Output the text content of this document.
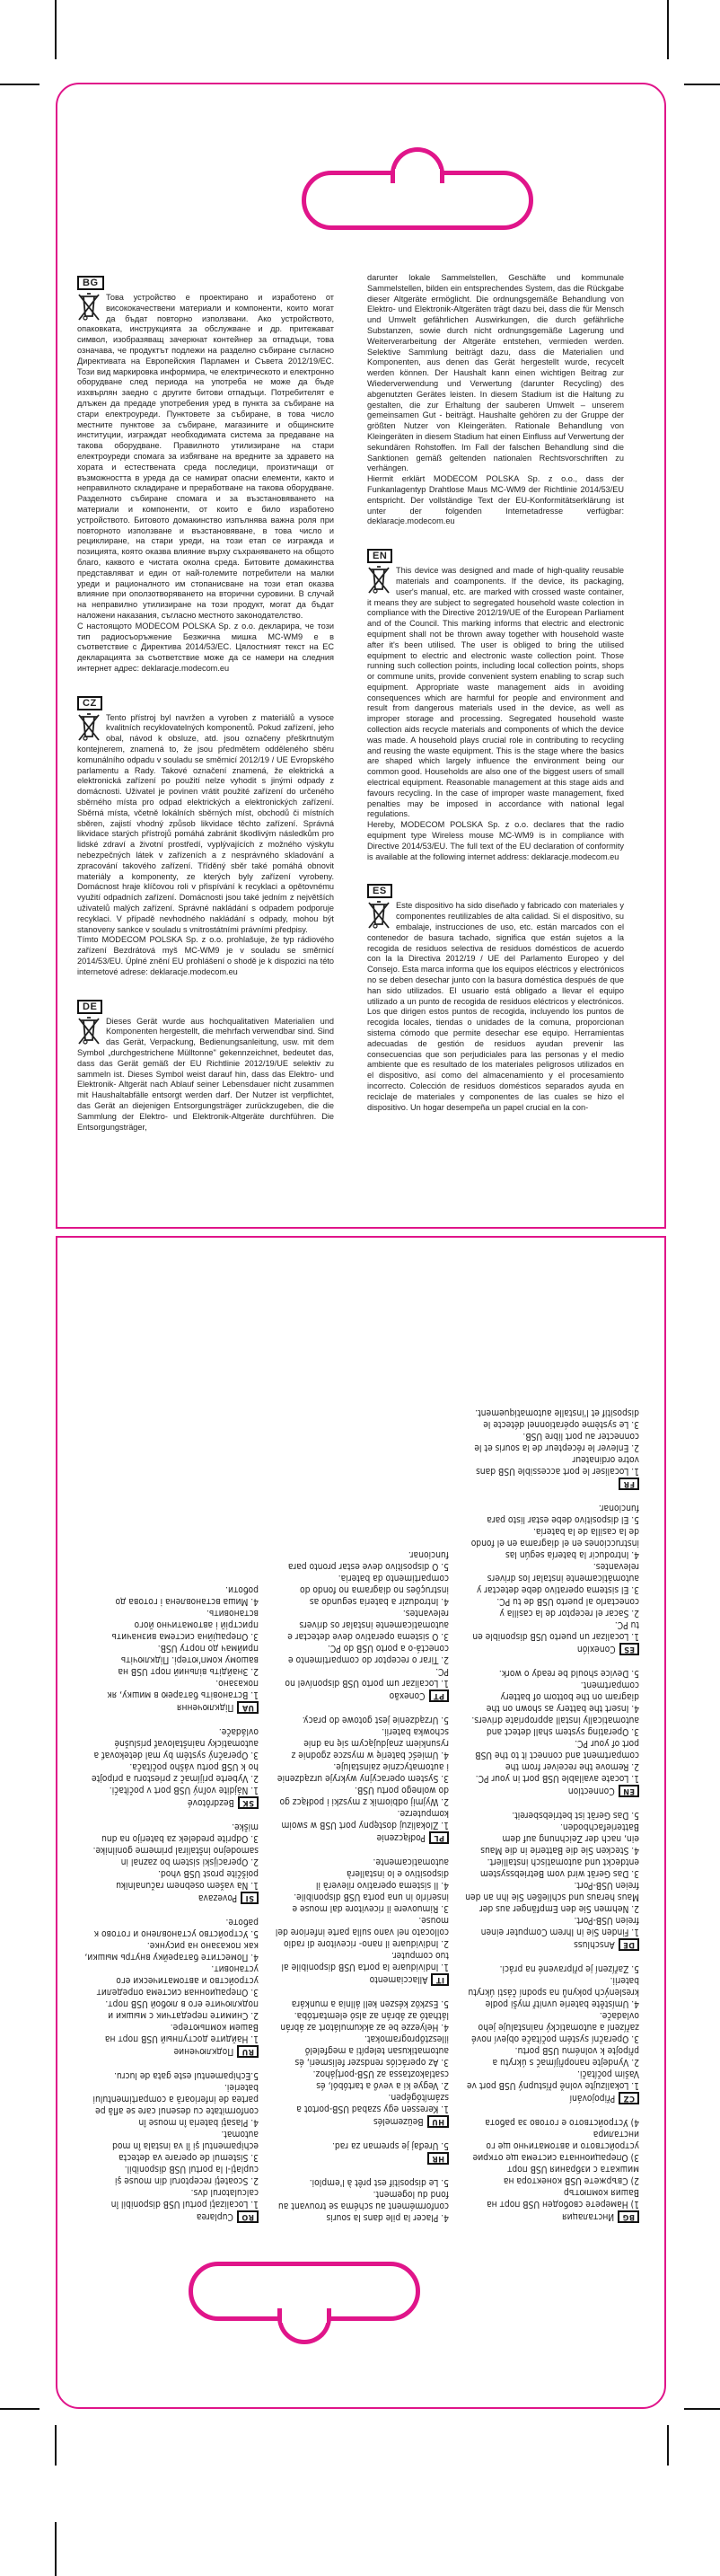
BG

Това устройство е проектирано и изработено от висококачествени материали и компоненти, които могат да бъдат повторно използвани. Ако устройството, опаковката, инструкцията за обслужване и др. притежават символ, изобразяващ зачеркнат контейнер за отпадъци, това означава, че продуктът подлежи на разделно събиране съгласно Директивата на Европейския Парламен и Съвета 2012/19/ЕС. Този вид маркировка информира, че електрическото и електронно оборудване след периода на употреба не може да бъде изхвърлян заедно с другите битови отпадъци. Потребителят е длъжен да предаде употребения уред в пункта за събиране на стари електроуреди. Пунктовете за събиране, в това число местните пунктове за събиране, магазините и общинските институции, изграждат необходимата система за предаване на такова оборудване. Правилното утилизиране на стари електроуреди спомага за избягване на вредните за здравето на хората и естествената среда последици, произтичащи от възможността в уреда да се намират опасни елементи, както и неправилното складиране и преработване на такова оборудване. Разделното събиране спомага и за възстановяването на материали и компоненти, от които е било изработено устройството. Битовото домакинство изпълнява важна роля при повторното използване и възстановяване, в това число и рециклиране, на стари уреди, на този етап се изгражда и позицията, която оказва влияние върху съхраняването на общото благо, каквото е чистата околна среда. Битовите домакинства представляват и един от най-големите потребители на малки уреди и рационалното им стопанисване на този етап оказва влияние при оползотворяването на вторични суровини. В случай на неправилно утилизиране на този продукт, могат да бъдат наложени наказания, съгласно местното законодателство.

С настоящото MODECOM POLSKA Sp. z o.o. декларира, че този тип радиосъоръжение Безжична мишка MC-WM9 е в съответствие с Директива 2014/53/ЕС. Цялостният текст на ЕС декларацията за съответствие може да се намери на следния интернет адрес: deklaracje.modecom.eu

CZ

Tento přístroj byl navržen a vyroben z materiálů a vysoce kvalitních recyklovatelných komponentů. Pokud zařízení, jeho obal, návod k obsluze, atd. jsou označeny přeškrtnutým kontejnerem, znamená to, že jsou předmětem odděleného sběru komunálního odpadu v souladu se směrnicí 2012/19 / UE Evropského parlamentu a Rady. Takové označení znamená, že elektrická a elektronická zařízení po použití nelze vyhodit s jinými odpady z domácnosti. Uživatel je povinen vrátit použité zařízení do určeného sběrného místa pro odpad elektrických a elektronických zařízení. Sběrná místa, včetně lokálních sběrných míst, obchodů či místních sběren, zajistí vhodný způsob likvidace těchto zařízení. Správná likvidace starých přístrojů pomáhá zabránit škodlivým následkům pro lidské zdraví a životní prostředí, vyplývajících z možného výskytu nebezpečných látek v zařízeních a z nesprávného skladování a zpracování takového zařízení. Tříděný sběr také pomáhá obnovit materiály a komponenty, ze kterých byly zařízení vyrobeny. Domácnost hraje klíčovou roli v přispívání k recyklaci a opětovnému využití odpadních zařízení. Domácnosti jsou také jedním z největších uživatelů malých zařízení. Správné nakládání s odpadem podporuje recyklaci. V případě nevhodného nakládání s odpady, mohou být stanoveny sankce v souladu s vnitrostátními právními předpisy.

Tímto MODECOM POLSKA Sp. z o.o. prohlašuje, že typ rádiového zařízení Bezdrátová myš MC-WM9 je v souladu se směrnicí 2014/53/EU. Úplné znění EU prohlášení o shodě je k dispozici na této internetové adrese: deklaracje.modecom.eu

DE

Dieses Gerät wurde aus hochqualitativen Materialien und Komponenten hergestellt, die mehrfach verwendbar sind. Sind das Gerät, Verpackung, Bedienungsanleitung, usw. mit dem Symbol „durchgestrichene Mülltonne" gekennzeichnet, bedeutet das, dass das Gerät gemäß der EU Richtlinie 2012/19/UE selektiv zu sammeln ist. Dieses Symbol weist darauf hin, dass das Elektro- und Elektronik- Altgerät nach Ablauf seiner Lebensdauer nicht zusammen mit Haushaltabfälle entsorgt werden darf. Der Nutzer ist verpflichtet, das Gerät an diejenigen Entsorgungsträger zurückzugeben, die die Sammlung der Elektro- und Elektronik-Altgeräte durchführen. Die Entsorgungsträger,

darunter lokale Sammelstellen, Geschäfte und kommunale Sammelstellen, bilden ein entsprechendes System, das die Rückgabe dieser Altgeräte ermöglicht. Die ordnungsgemäße Behandlung von Elektro- und Elektronik-Altgeräten trägt dazu bei, dass die für Mensch und Umwelt gefährlichen Auswirkungen, die durch gefährliche Substanzen, sowie durch nicht ordnungsgemäße Lagerung und Weiterverarbeitung der Altgeräte entstehen, vermieden werden. Selektive Sammlung beiträgt dazu, dass die Materialien und Komponenten, aus denen das Gerät hergestellt wurde, recycelt werden können. Der Haushalt kann einen wichtigen Beitrag zur Wiederverwendung und Verwertung (darunter Recycling) des abgenutzten Gerätes leisten. In diesem Stadium ist die Haltung zu gestalten, die zur Erhaltung der sauberen Umwelt – unserem gemeinsamen Gut - beiträgt. Haushalte gehören zu der Gruppe der größten Nutzer von Kleingeräten. Rationale Behandlung von Kleingeräten in diesem Stadium hat einen Einfluss auf Verwertung der sekundären Rohstoffen. Im Fall der falschen Behandlung sind die Sanktionen gemäß geltenden nationalen Rechtsvorschriften zu verhängen.

Hiermit erklärt MODECOM POLSKA Sp. z o.o., dass der Funkanlagentyp Drahtlose Maus MC-WM9 der Richtlinie 2014/53/EU entspricht. Der vollständige Text der EU-Konformitätserklärung ist unter der folgenden Internetadresse verfügbar: deklaracje.modecom.eu

EN

This device was designed and made of high-quality reusable materials and coamponents. If the device, its packaging, user's manual, etc. are marked with crossed waste container, it means they are subject to segregated household waste colection in compliance with the Directive 2012/19/UE of the European Parliament and of the Council. This marking informs that electric and electronic equipment shall not be thrown away together with household waste after it's been utilised. The user is obliged to bring the utilised equipment to electric and electronic waste collection point. Those running such collection points, including local collection points, shops or commune units, provide convenient system enabling to scrap such equipment. Appropriate waste management aids in avoiding consequences which are harmful for people and environment and result from dangerous materials used in the device, as well as improper storage and processing. Segregated household waste collection aids recycle materials and components of which the device was made. A household plays crucial role in contributing to recycling and reusing the waste equipment. This is the stage where the basics are shaped which largely influence the environment being our common good. Households are also one of the biggest users of small electrical equipment. Reasonable management at this stage aids and favours recycling. In the case of improper waste management, fixed penalties may be imposed in accordance with national legal regulations.

Hereby, MODECOM POLSKA Sp. z o.o. declares that the radio equipment type Wireless mouse MC-WM9 is in compliance with Directive 2014/53/EU. The full text of the EU declaration of conformity is available at the following internet address: deklaracje.modecom.eu

ES

Este dispositivo ha sido diseñado y fabricado con materiales y componentes reutilizables de alta calidad. Si el dispositivo, su embalaje, instrucciones de uso, etc. están marcados con el contenedor de basura tachado, significa que están sujetos a la recogida de residuos selectiva de residuos domésticos de acuerdo con la la Directiva 2012/19 / UE del Parlamento Europeo y del Consejo. Esta marca informa que los equipos eléctricos y electrónicos no se deben desechar junto con la basura doméstica después de que han sido utilizados. El usuario está obligado a llevar el equipo utilizado a un punto de recogida de residuos eléctricos y electrónicos. Los que dirigen estos puntos de recogida, incluyendo los puntos de recogida locales, tiendas o unidades de la comuna, proporcionan sistema cómodo que permite desechar ese equipo. Herramientas adecuadas de gestión de residuos ayudan prevenir las consecuencias que son perjudiciales para las personas y el medio ambiente que es resultado de los materiales peligrosos utilizados en el dispositivo, así como del almacenamiento y el procesamiento incorrecto. Colección de residuos domésticos separados ayuda en reciclaje de materiales y componentes de las cuales se hizo el dispositivo. Un hogar desempeña un papel crucial en la con-

BG
Инсталация

1) Намерете свободен USB порт на Вашия компютър

2) Свържете USB конектора на мишката с избрания USB порт

3) Операционната система ще открие устройството и автоматично ще го инсталира

4) Устройството е готово за работа

CZ
Připojování

1. Lokalizujte volně přístupný USB port ve Vašim počítači.

2. Vyndejte nanopřijímač s úkrytu a připojte k volnému USB portu.

3. Operační systém počítače objeví nové zařízení a automatický nainstaluje jeho ovladače.

4. Umístěte baterie uvnitř myši podle kreslených pokynů na spodní části úkrytu baterii.

5. Zařízení je připravené na práci.

DE
Anschluss

1. Finden Sie in Ihrem Computer einen freien USB-Port.

2. Nehmen Sie den Empfänger aus der Maus heraus und schließen Sie ihn an den freien USB-Port.

3. Das Gerät wird vom Betriebssystem entdeckt und automatisch installiert.

4. Stecken Sie die Batterie in die Maus ein, nach der Zeichnung auf dem Batteriefachboden.

5. Das Gerät ist betriebsbereit.

EN
Connection

1. Locate available USB port in your PC.

2. Remove the receiver from the compartment and connect it to the USB port of your PC.

3. Operating system shall detect and automatically install appropriate drivers.

4. Insert the battery as shown on the diagram on the bottom of battery compartment.

5. Device should be ready o work.

ES
Conexión

1. Localizar un puerto USB disponible en tu PC.

2. Sacar el receptor de la casilla y conectarlo al puerto USB de tu PC.

3. El sistema operativo debe detectar y automáticamente instalar los drivers relevantes.

4. Introducir la batería según las instrucciones en el diagrama en el fondo de la casilla de la batería.

5. El dispositivo debe estar listo para funcionar.

FR

1. Localiser le port accessible USB dans votre ordinateur

2. Enlever le récepteur de la souris et le connecter au port libre USB.

3. Le système opérationnel détecte le dispositif et l'installe automatiquement.

4. Placer la pile dans la souris conformément au schéma se trouvant au fond du logement.

5. Le dispositif est prêt à l'emploi.

HR

5. Uređaj je spreman za rad.

HU
Beüzemelés

1. Keressen egy szabad USB-portot a számítógépen.

2. Vegye ki a vevő a tartóból, és csatlakoztassa az USB-portjához.

3. Az operációs rendszer felismeri, és automatikusan telepíti a megfelelő illesztőprogramokat.

4. Helyezze be az akkumulátort az ábrán látható az ábrán az alsó elemtartóba.

5. Eszköz készen kell állnia a munkára

IT
Allacciamento

1. Individuare la porta USB disponibile al tuo computer.

2. Individuare il nano- ricevitore di radio collocato nel vano sulla parte inferiore del mouse.

3. Rimuovere il ricevitore dal mouse e inserirlo in una porta USB disponibile.

4. Il sistema operativo rileverà il dispositivo e lo installerà automaticamente.

PL
Podłączenie

1. Zlokalizuj dostępny port USB w swoim komputerze.

2. Wyjmij odbiornik z myszki i podłącz go do wolnego portu USB.

3. System operacyjny wykryje urządzenie i automatycznie zainstaluje.

4. Umieść baterię w myszce zgodnie z rysunkiem znajdującym się na dnie schowka baterii.

5. Urządzenie jest gotowe do pracy.

PT
Conexão

1. Localizar um porto USB disponível no PC.

2. Tirar o receptor do compartimento e conectá-o a porto USB do PC.

3. O sistema operativo deve detectar e automaticamente instalar os drivers relevantes.

4. Introduzir a bateria segundo as instruções no diagrama no fondo do compartimento da bateria.

5. O dispositivo deve estar pronto para funcionar.

RO
Cuplarea

1. Localizaţi portul USB disponibil în calculatorul dvs.

2. Scoateţi receptorul din mouse şi cuplaţi-l la portul USB disponibil.

3. Sistemul de operare va detecta echipamentul şi îl va instala în mod automat.

4. Plasaţi bateria în mouse în conformitate cu desenul care se află pe partea de inferioară a compartimentului bateriei.

5.Echipamentul este gata de lucru.

RU
Подключение

1. Найдите доступный USB порт на Вашем компьютере.

2. Снимите передатчик с мышки и подключите его в любой USB порт.

3. Операционная система определит устройство и автоматически его установит.

4. Поместите батарейку внутрь мышки, как показано на рисунке.

5. Устройство установлено и готово к работе.

SI
Povezava

1. Na vašem osebnem računalniku poiščite prost USB vhod.

2. Operacijski sistem bo zaznal in samodejno inštaliral primerne gonilnike.

3. Odprite predelek za baterijo na dnu miške.

SK
Bezdrôtové

1. Nájdite voľný USB port v počítači.

2. Vyberte prijímač z priestoru a pripojte ho k USB portu vášho počítača.

3. Operačný systém by mal detekovať a automaticky nainštalovať príslušné ovládače.

UA
Підключення

1. Встановіть батарею в мишку, як показано.

2. Знайдіть вільний порт USB на вашому комп'ютері. Підключіть приймач до порту USB.

3. Операційна система визначить пристрій і автоматично його встановить.

4. Миша встановлена і готова до роботи.
